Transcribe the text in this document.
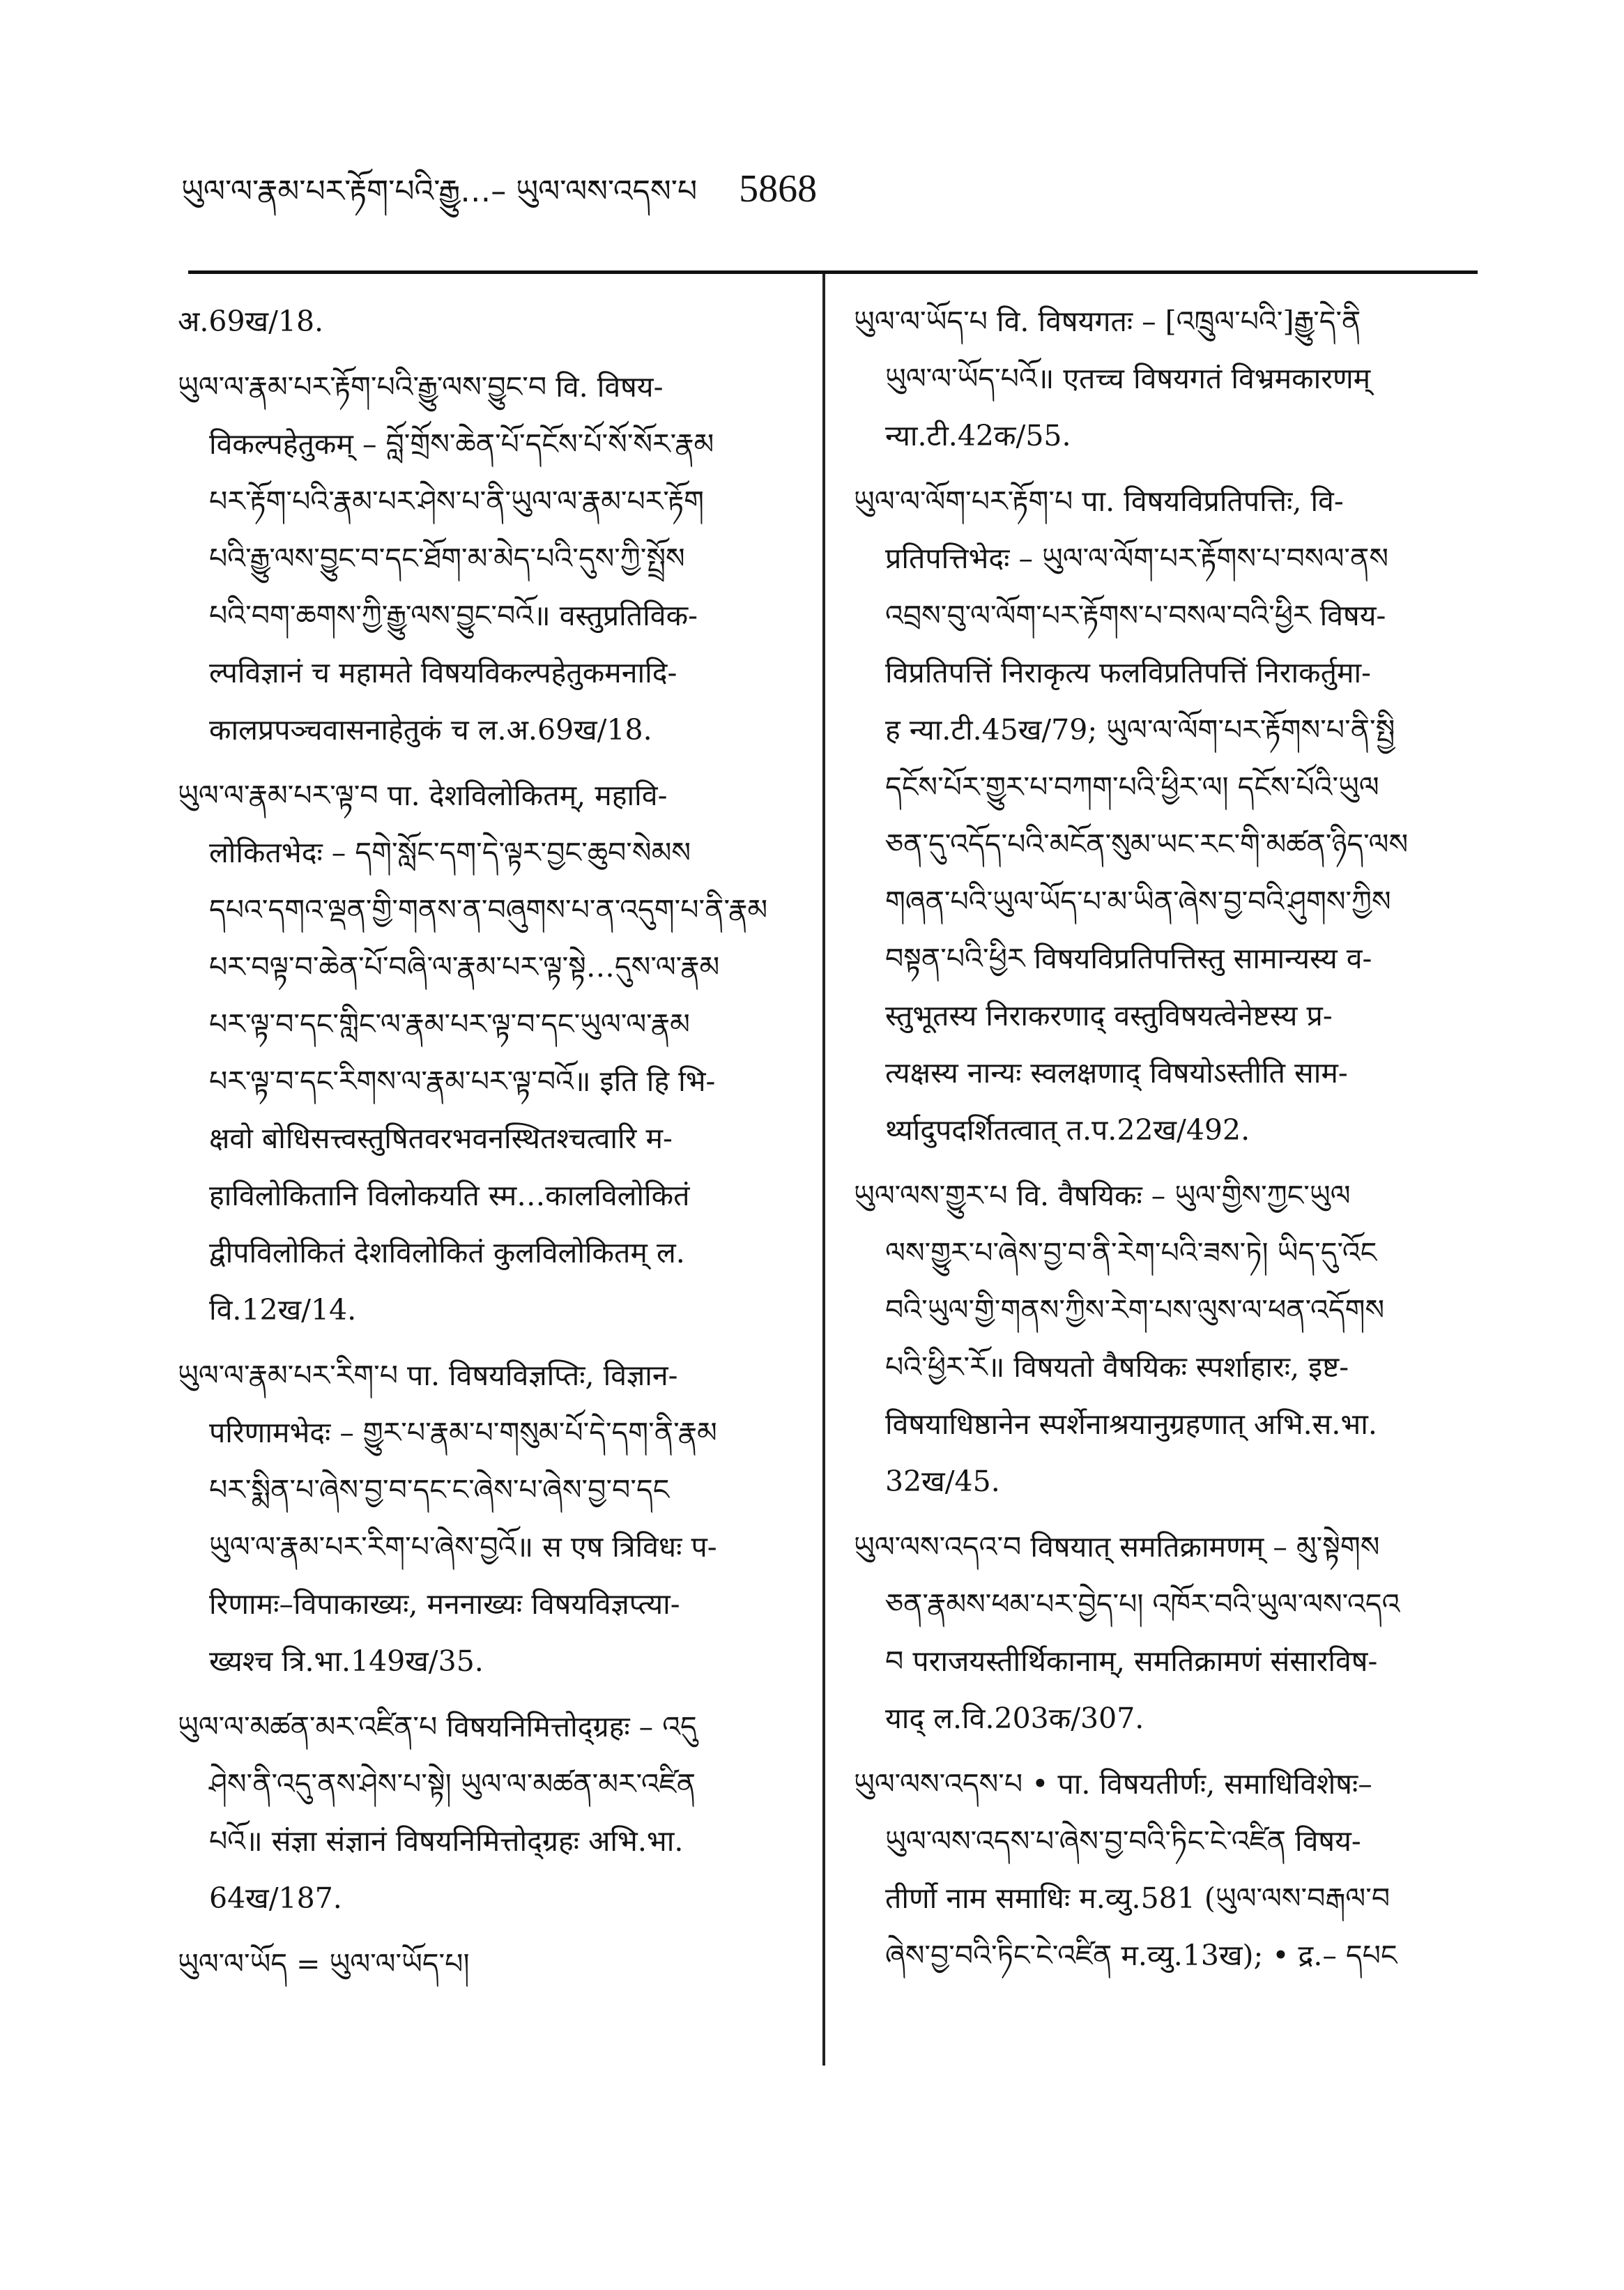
ཡུལ་ལ་རྣམ་པར་རྟོག་པའི་རྒྱུ…– ཡུལ་ལས་འདས་པ 5868
अ.69ख/18.
ཡུལ་ལ་རྣམ་པར་རྟོག་པའི་རྒྱུ་ལས་བྱུང་བ वि. विषय-
विकल्पहेतुकम् – བློ་གྲོས་ཆེན་པོ་དངོས་པོ་སོ་སོར་རྣམ
པར་རྟོག་པའི་རྣམ་པར་ཤེས་པ་ནི་ཡུལ་ལ་རྣམ་པར་རྟོག
པའི་རྒྱུ་ལས་བྱུང་བ་དང་ཐོག་མ་མེད་པའི་དུས་ཀྱི་སྤྲོས
པའི་བག་ཆགས་ཀྱི་རྒྱུ་ལས་བྱུང་བའོ॥ वस्तुप्रतिविक-
ल्पविज्ञानं च महामते विषयविकल्पहेतुकमनादि-
कालप्रपञ्चवासनाहेतुकं च ल.अ.69ख/18.
ཡུལ་ལ་རྣམ་པར་ལྟ་བ पा. देशविलोकितम्, महावि-
लोकितभेदः – དགེ་སློང་དག་དེ་ལྟར་བྱང་ཆུབ་སེམས
དཔའ་དགའ་ལྡན་གྱི་གནས་ན་བཞུགས་པ་ན་འདུག་པ་ནི་རྣམ
པར་བལྟ་བ་ཆེན་པོ་བཞི་ལ་རྣམ་པར་ལྟ་སྟེ…དུས་ལ་རྣམ
པར་ལྟ་བ་དང་གླིང་ལ་རྣམ་པར་ལྟ་བ་དང་ཡུལ་ལ་རྣམ
པར་ལྟ་བ་དང་རིགས་ལ་རྣམ་པར་ལྟ་བའོ॥ इति हि भि-
क्षवो बोधिसत्त्वस्तुषितवरभवनस्थितश्चत्वारि म-
हाविलोकितानि विलोकयति स्म…कालविलोकितं
द्वीपविलोकितं देशविलोकितं कुलविलोकितम् ल.
वि.12ख/14.
ཡུལ་ལ་རྣམ་པར་རིག་པ पा. विषयविज्ञप्तिः, विज्ञान-
परिणामभेदः – གྱུར་པ་རྣམ་པ་གསུམ་པོ་དེ་དག་ནི་རྣམ
པར་སྨིན་པ་ཞེས་བྱ་བ་དང་ང་ཞེས་པ་ཞེས་བྱ་བ་དང
ཡུལ་ལ་རྣམ་པར་རིག་པ་ཞེས་བྱའོ॥ स एष त्रिविधः प-
रिणामः–विपाकाख्यः, मननाख्यः विषयविज्ञप्त्या-
ख्यश्च त्रि.भा.149ख/35.
ཡུལ་ལ་མཚན་མར་འཛིན་པ विषयनिमित्तोद्ग्रहः – འདུ
ཤེས་ནི་འདུ་ནས་ཤེས་པ་སྟེ། ཡུལ་ལ་མཚན་མར་འཛིན
པའོ॥ संज्ञा संज्ञानं विषयनिमित्तोद्ग्रहः अभि.भा.
64ख/187.
ཡུལ་ལ་ཡོད = ཡུལ་ལ་ཡོད་པ།
ཡུལ་ལ་ཡོད་པ वि. विषयगतः – [འཁྲུལ་པའི་]རྒྱུ་དེ་ནི
ཡུལ་ལ་ཡོད་པའོ॥ एतच्च विषयगतं विभ्रमकारणम्
न्या.टी.42क/55.
ཡུལ་ལ་ལོག་པར་རྟོག་པ पा. विषयविप्रतिपत्तिः, वि-
प्रतिपत्तिभेदः – ཡུལ་ལ་ལོག་པར་རྟོགས་པ་བསལ་ནས
འབྲས་བུ་ལ་ལོག་པར་རྟོགས་པ་བསལ་བའི་ཕྱིར विषय-
विप्रतिपत्तिं निराकृत्य फलविप्रतिपत्तिं निराकर्तुमा-
ह न्या.टी.45ख/79; ཡུལ་ལ་ལོག་པར་རྟོགས་པ་ནི་སྤྱི
དངོས་པོར་གྱུར་པ་བཀག་པའི་ཕྱིར་ལ། དངོས་པོའི་ཡུལ
ཅན་དུ་འདོད་པའི་མངོན་སུམ་ཡང་རང་གི་མཚན་ཉིད་ལས
གཞན་པའི་ཡུལ་ཡོད་པ་མ་ཡིན་ཞེས་བྱ་བའི་ཤུགས་ཀྱིས
བསྟན་པའི་ཕྱིར विषयविप्रतिपत्तिस्तु सामान्यस्य व-
स्तुभूतस्य निराकरणाद् वस्तुविषयत्वेनेष्टस्य प्र-
त्यक्षस्य नान्यः स्वलक्षणाद् विषयोऽस्तीति साम-
र्थ्यादुपदर्शितत्वात् त.प.22ख/492.
ཡུལ་ལས་གྱུར་པ वि. वैषयिकः – ཡུལ་གྱིས་ཀྱང་ཡུལ
ལས་གྱུར་པ་ཞེས་བྱ་བ་ནི་རེག་པའི་ཟས་ཏེ། ཡིད་དུ་འོང
བའི་ཡུལ་གྱི་གནས་ཀྱིས་རེག་པས་ལུས་ལ་ཕན་འདོགས
པའི་ཕྱིར་རོ॥ विषयतो वैषयिकः स्पर्शाहारः, इष्ट-
विषयाधिष्ठानेन स्पर्शेनाश्रयानुग्रहणात् अभि.स.भा.
32ख/45.
ཡུལ་ལས་འདའ་བ विषयात् समतिक्रामणम् – མུ་སྟེགས
ཅན་རྣམས་ཕམ་པར་བྱེད་པ། འཁོར་བའི་ཡུལ་ལས་འདའ
བ पराजयस्तीर्थिकानाम्, समतिक्रामणं संसारविष-
याद् ल.वि.203क/307.
ཡུལ་ལས་འདས་པ • पा. विषयतीर्णः, समाधिविशेषः–
ཡུལ་ལས་འདས་པ་ཞེས་བྱ་བའི་ཏིང་ངེ་འཛིན विषय-
तीर्णो नाम समाधिः म.व्यु.581 (ཡུལ་ལས་བརྒལ་བ
ཞེས་བྱ་བའི་ཏིང་ངེ་འཛིན म.व्यु.13ख); • द्र.– དཔང
